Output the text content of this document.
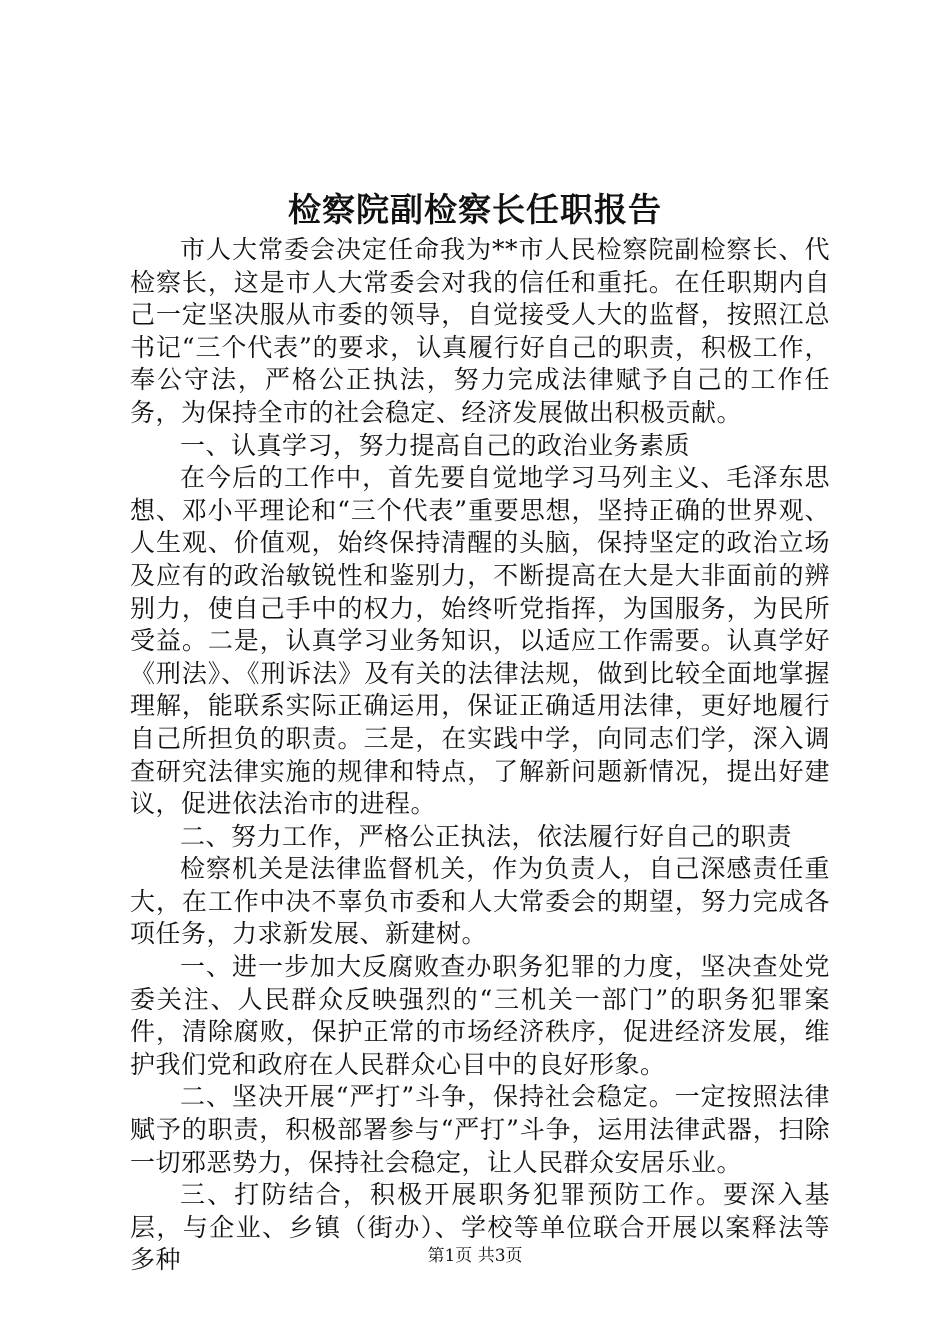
检察院副检察长任职报告

市人大常委会决定任命我为**市人民检察院副检察长、代检察长，这是市人大常委会对我的信任和重托。在任职期内自己一定坚决服从市委的领导，自觉接受人大的监督，按照江总书记“三个代表”的要求，认真履行好自己的职责，积极工作，奉公守法，严格公正执法，努力完成法律赋予自己的工作任务，为保持全市的社会稳定、经济发展做出积极贡献。

一、认真学习，努力提高自己的政治业务素质

在今后的工作中，首先要自觉地学习马列主义、毛泽东思想、邓小平理论和“三个代表”重要思想，坚持正确的世界观、人生观、价值观，始终保持清醒的头脑，保持坚定的政治立场及应有的政治敏锐性和鉴别力，不断提高在大是大非面前的辨别力，使自己手中的权力，始终听党指挥，为国服务，为民所受益。二是，认真学习业务知识，以适应工作需要。认真学好《刑法》、《刑诉法》及有关的法律法规，做到比较全面地掌握理解，能联系实际正确运用，保证正确适用法律，更好地履行自己所担负的职责。三是，在实践中学，向同志们学，深入调查研究法律实施的规律和特点，了解新问题新情况，提出好建议，促进依法治市的进程。

二、努力工作，严格公正执法，依法履行好自己的职责

检察机关是法律监督机关，作为负责人，自己深感责任重大，在工作中决不辜负市委和人大常委会的期望，努力完成各项任务，力求新发展、新建树。

一、进一步加大反腐败查办职务犯罪的力度，坚决查处党委关注、人民群众反映强烈的“三机关一部门”的职务犯罪案件，清除腐败，保护正常的市场经济秩序，促进经济发展，维护我们党和政府在人民群众心目中的良好形象。

二、坚决开展“严打”斗争，保持社会稳定。一定按照法律赋予的职责，积极部署参与“严打”斗争，运用法律武器，扫除一切邪恶势力，保持社会稳定，让人民群众安居乐业。

三、打防结合，积极开展职务犯罪预防工作。要深入基层，与企业、乡镇（街办）、学校等单位联合开展以案释法等多种	第1页 共3页
